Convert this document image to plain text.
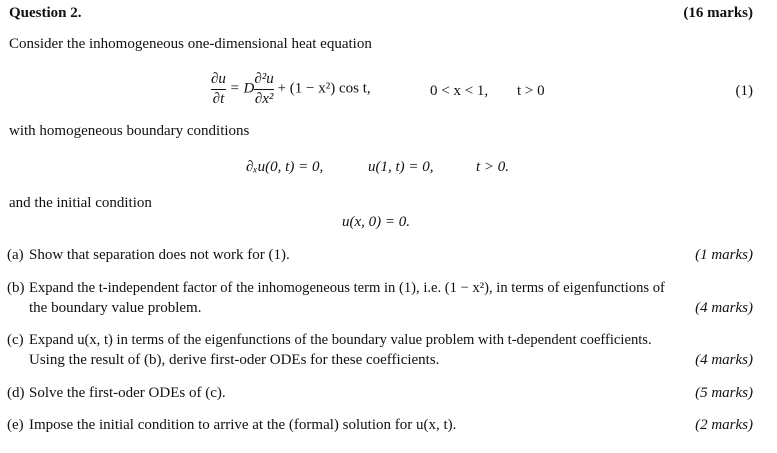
Question 2.	(16 marks)
Consider the inhomogeneous one-dimensional heat equation
$\frac{\partial u}{\partial t} = D \frac{\text{∂²u}}{\text{∂x²}} + (1 - x^2)$ cos t,	0 < x < 1, t > 0	(1)
with homogeneous boundary conditions
∂ₓu(0, t) = 0,	u(1, t) = 0,	t > 0.
and the initial condition
u(x, 0) = 0.
(a) Show that separation does not work for (1).	(1 marks)
(b) Expand the t-independent factor of the inhomogeneous term in (1), i.e. (1 − x²), in terms of eigenfunctions of
the boundary value problem.	(4 marks)
(c) Expand u(x, t) in terms of the eigenfunctions of the boundary value problem with t-dependent coefficients.
Using the result of (b), derive first-oder ODEs for these coefficients.	(4 marks)
(d) Solve the first-oder ODEs of (c).	(5 marks)
(e) Impose the initial condition to arrive at the (formal) solution for u(x, t).	(2 marks)
